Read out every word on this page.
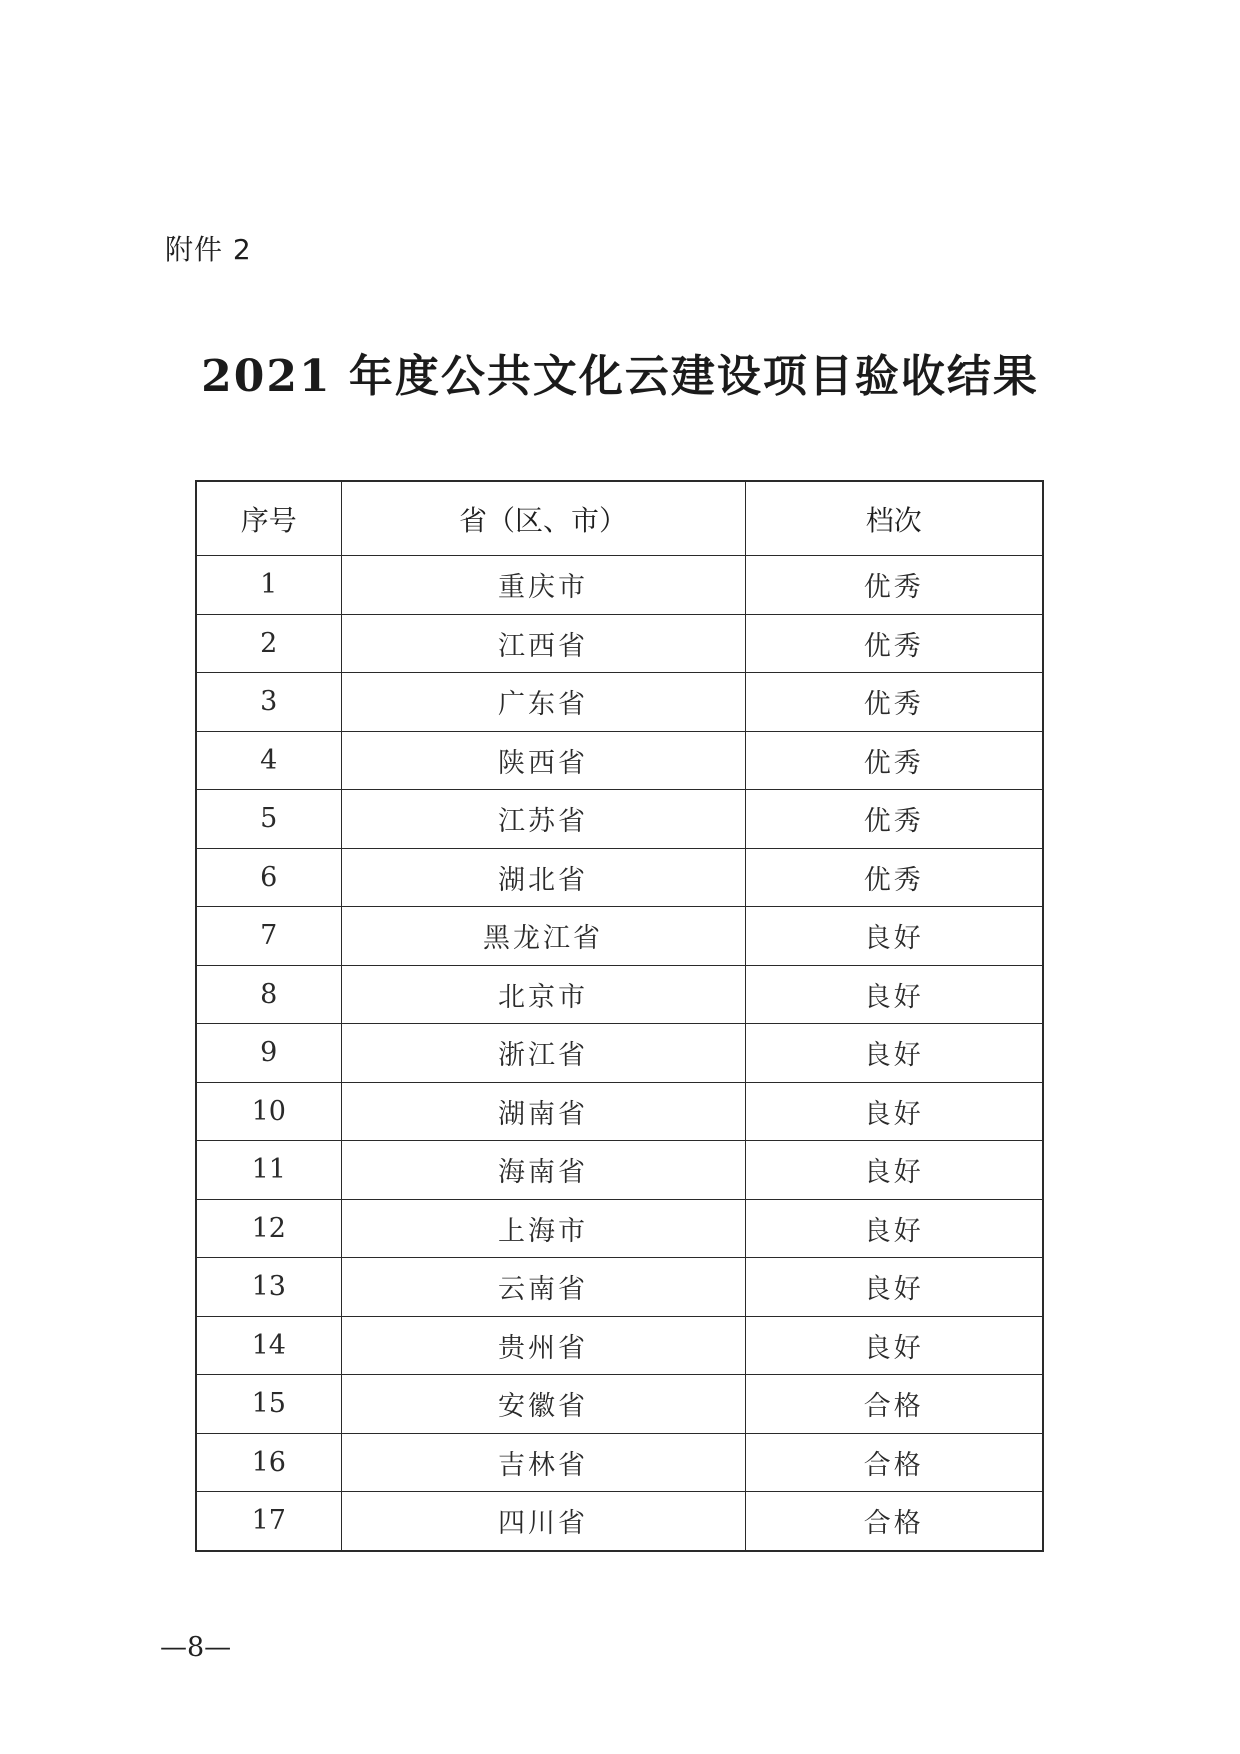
附件 2
2021 年度公共文化云建设项目验收结果
序号	省（区、市）	档次
1	重庆市	优秀
2	江西省	优秀
3	广东省	优秀
4	陕西省	优秀
5	江苏省	优秀
6	湖北省	优秀
7	黑龙江省	良好
8	北京市	良好
9	浙江省	良好
10	湖南省	良好
11	海南省	良好
12	上海市	良好
13	云南省	良好
14	贵州省	良好
15	安徽省	合格
16	吉林省	合格
17	四川省	合格
—8—
